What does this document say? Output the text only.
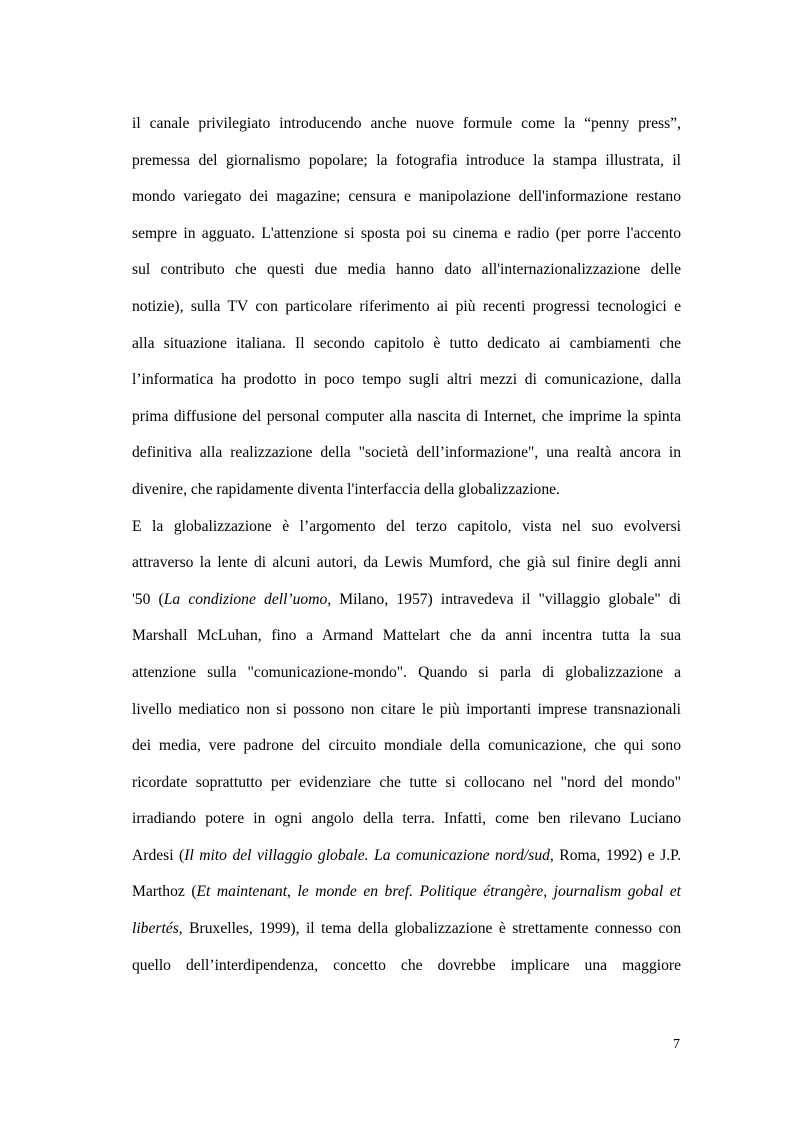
il canale privilegiato introducendo anche nuove formule come la “penny press”,
premessa del giornalismo popolare; la fotografia introduce la stampa illustrata, il
mondo variegato dei magazine; censura e manipolazione dell'informazione restano
sempre in agguato. L'attenzione si sposta poi su cinema e radio (per porre l'accento
sul contributo che questi due media hanno dato all'internazionalizzazione delle
notizie), sulla TV con particolare riferimento ai più recenti progressi tecnologici e
alla situazione italiana. Il secondo capitolo è tutto dedicato ai cambiamenti che
l’informatica ha prodotto in poco tempo sugli altri mezzi di comunicazione, dalla
prima diffusione del personal computer alla nascita di Internet, che imprime la spinta
definitiva alla realizzazione della "società dell’informazione", una realtà ancora in
divenire, che rapidamente diventa l'interfaccia della globalizzazione.
E la globalizzazione è l’argomento del terzo capitolo, vista nel suo evolversi
attraverso la lente di alcuni autori, da Lewis Mumford, che già sul finire degli anni
'50 (La condizione dell’uomo, Milano, 1957) intravedeva il "villaggio globale" di
Marshall McLuhan, fino a Armand Mattelart che da anni incentra tutta la sua
attenzione sulla "comunicazione-mondo". Quando si parla di globalizzazione a
livello mediatico non si possono non citare le più importanti imprese transnazionali
dei media, vere padrone del circuito mondiale della comunicazione, che qui sono
ricordate soprattutto per evidenziare che tutte si collocano nel "nord del mondo"
irradiando potere in ogni angolo della terra. Infatti, come ben rilevano Luciano
Ardesi (Il mito del villaggio globale. La comunicazione nord/sud, Roma, 1992) e J.P.
Marthoz (Et maintenant, le monde en bref. Politique étrangère, journalism gobal et
libertés, Bruxelles, 1999), il tema della globalizzazione è strettamente connesso con
quello dell’interdipendenza, concetto che dovrebbe implicare una maggiore
7
